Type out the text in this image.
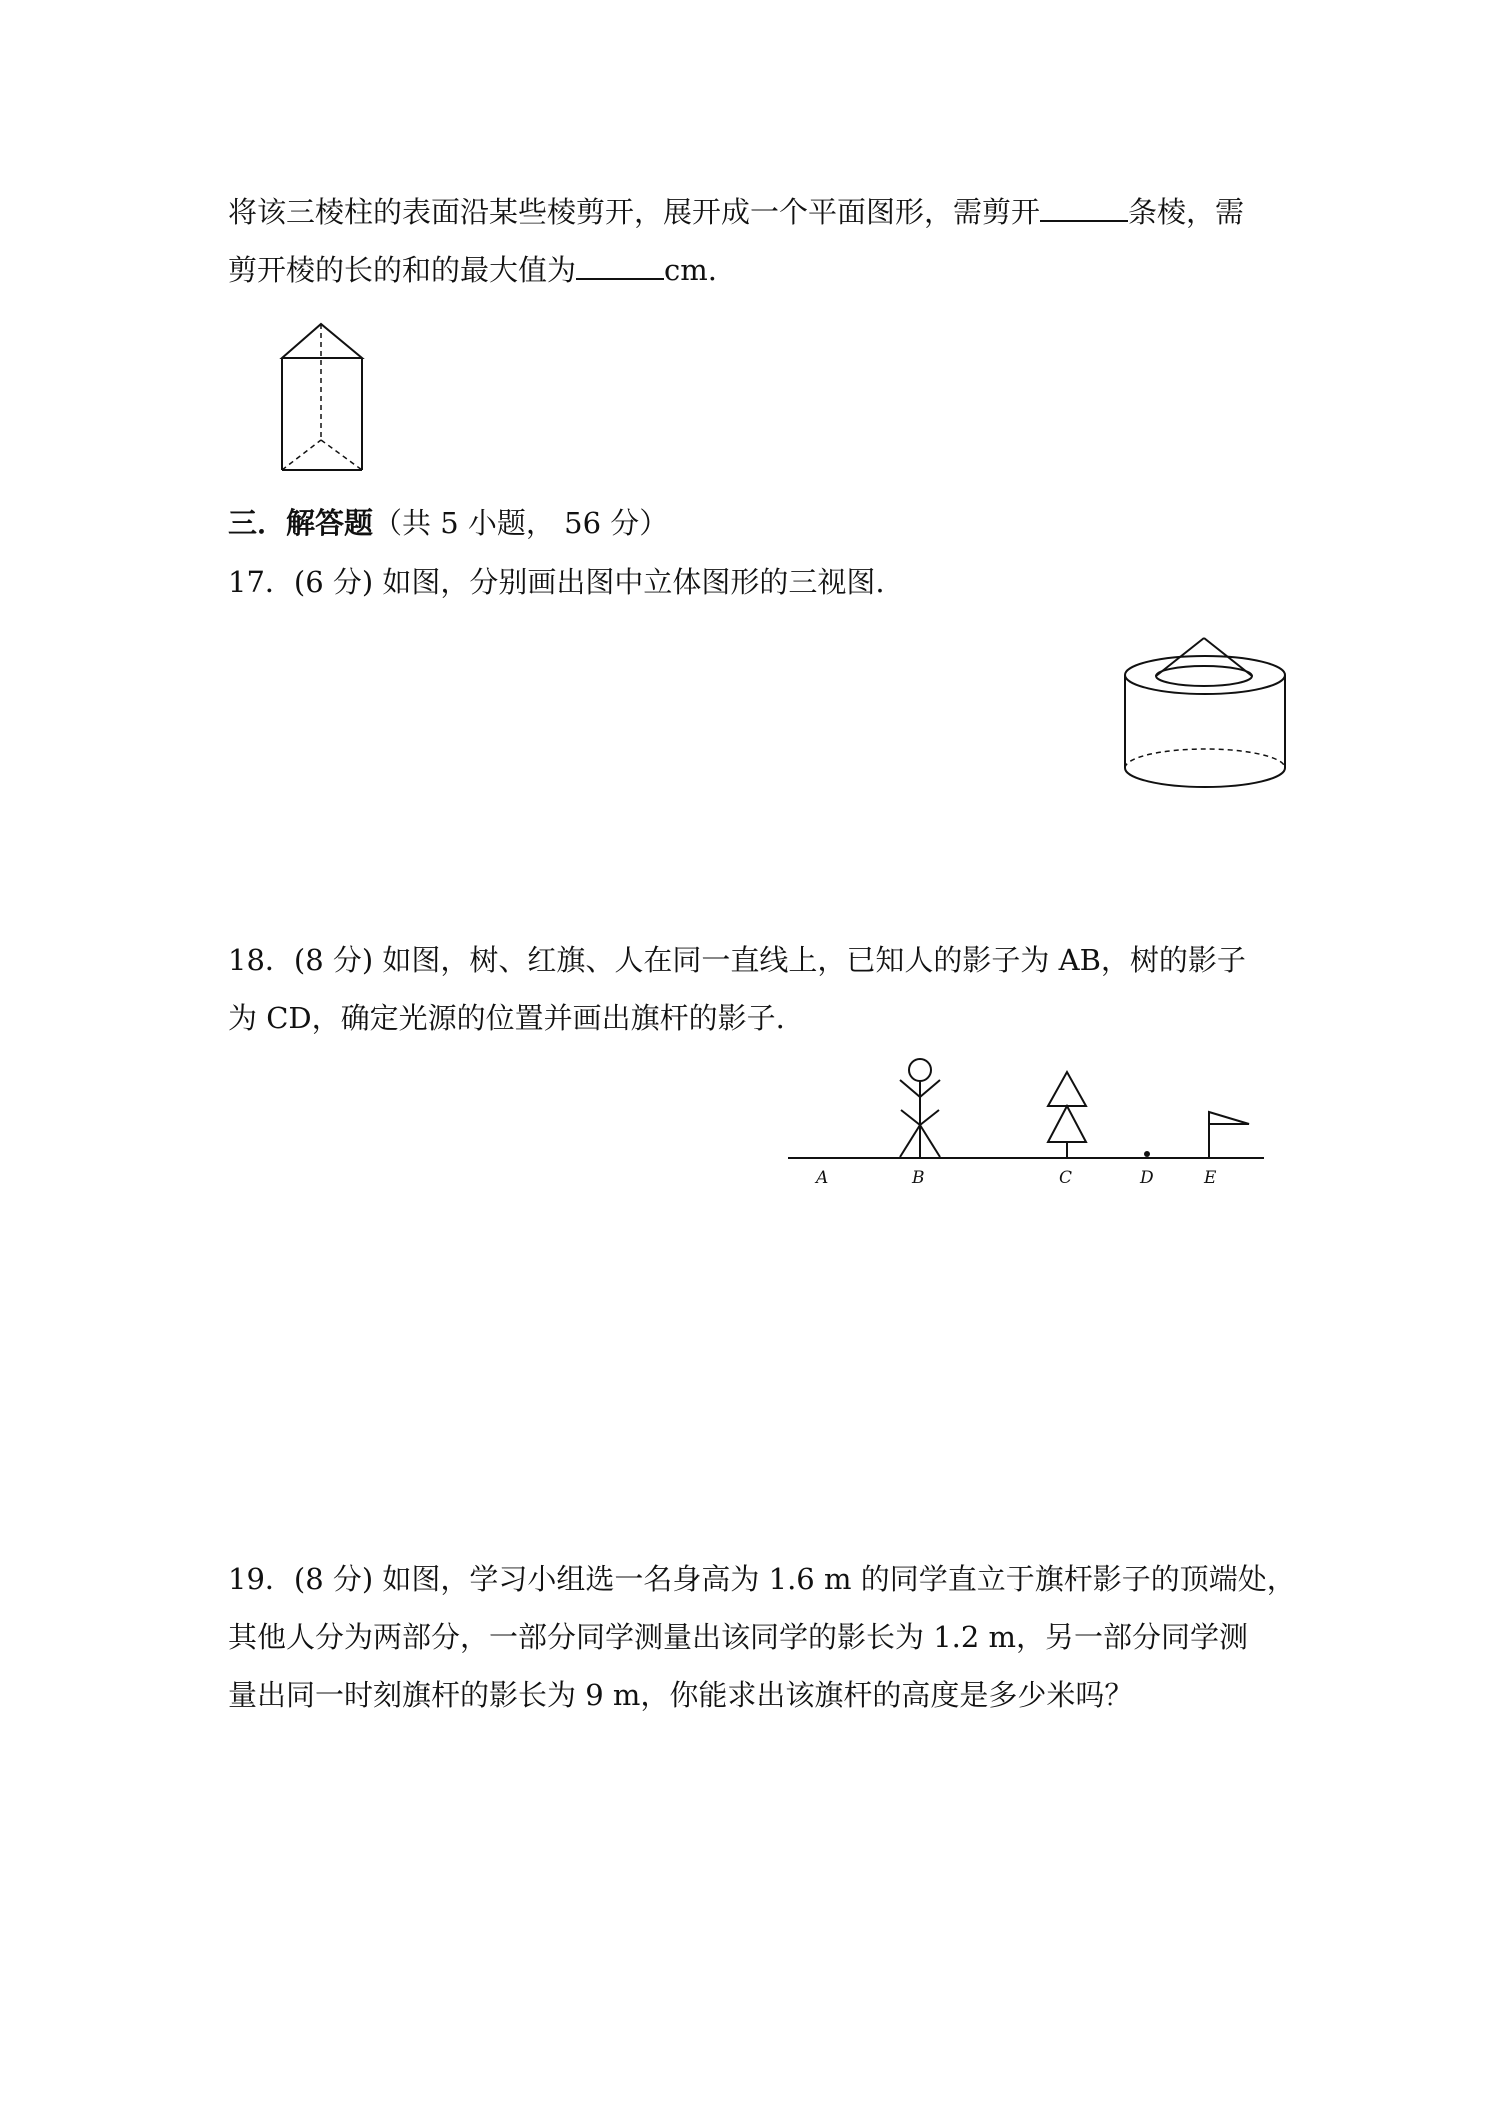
将该三棱柱的表面沿某些棱剪开，展开成一个平面图形，需剪开	条棱，需
剪开棱的长的和的最大值为	cm.
三．解答题（共 5 小题， 56 分）
17．(6 分) 如图，分别画出图中立体图形的三视图.
18．(8 分) 如图，树、红旗、人在同一直线上，已知人的影子为 AB，树的影子
为 CD，确定光源的位置并画出旗杆的影子.
A	B	C	D	E
19．(8 分) 如图，学习小组选一名身高为 1.6 m 的同学直立于旗杆影子的顶端处，
其他人分为两部分，一部分同学测量出该同学的影长为 1.2 m，另一部分同学测
量出同一时刻旗杆的影长为 9 m，你能求出该旗杆的高度是多少米吗？
